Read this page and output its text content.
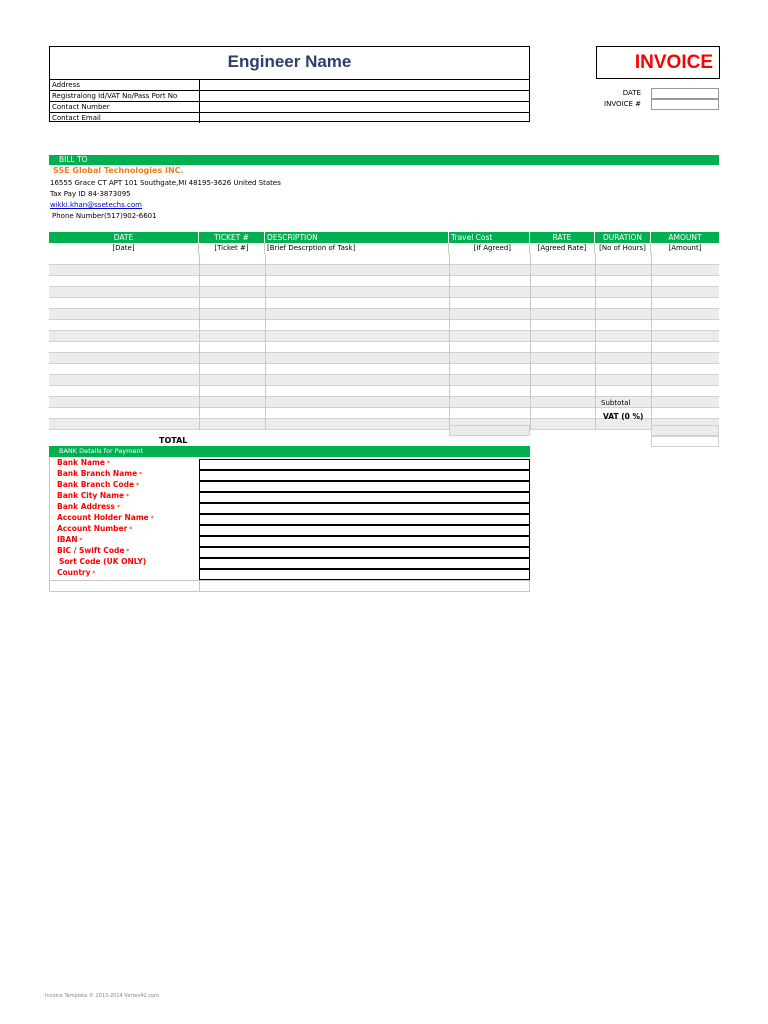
Engineer Name
Address
Registralong Id/VAT No/Pass Port No
Contact Number
Contact Email
INVOICE
DATE
INVOICE #
BILL TO
SSE Global Technologies INC.
16555 Grace CT APT 101 Southgate,MI 48195-3626 United States
Tax Pay ID 84-3873095
wikki.khan@ssetechs.com
Phone Number(517)902-6601
DATE	TICKET #	DESCRIPTION	Travel Cost	RATE	DURATION	AMOUNT
[Date]	[Ticket #]	[Brief Descrption of Task]	[If Agreed]	[Agreed Rate]	[No of Hours]	[Amount]
Subtotal
VAT (0 %)
TOTAL
BANK Details for Payment
Bank Name *
Bank Branch Name *
Bank Branch Code *
Bank City Name *
Bank Address *
Account Holder Name *
Account Number *
IBAN *
BIC / Swift Code *
Sort Code (UK ONLY)
Country *
Invoice Template © 2013-2014 Vertex42.com
